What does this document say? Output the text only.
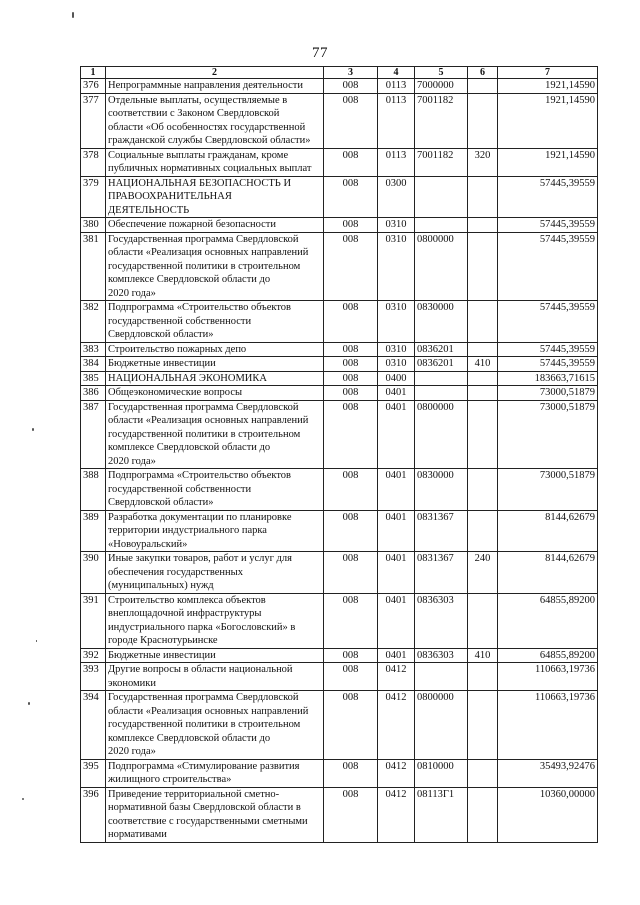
77
1	2	3	4	5	6	7
376	Непрограммные направления деятельности	008	0113	7000000		1921,14590
377	Отдельные выплаты, осуществляемые в
соответствии с Законом Свердловской
области «Об особенностях государственной
гражданской службы Свердловской области»	008	0113	7001182		1921,14590
378	Социальные выплаты гражданам, кроме
публичных нормативных социальных выплат	008	0113	7001182	320	1921,14590
379	НАЦИОНАЛЬНАЯ БЕЗОПАСНОСТЬ И
ПРАВООХРАНИТЕЛЬНАЯ
ДЕЯТЕЛЬНОСТЬ	008	0300			57445,39559
380	Обеспечение пожарной безопасности	008	0310			57445,39559
381	Государственная программа Свердловской
области «Реализация основных направлений
государственной политики в строительном
комплексе Свердловской области до
2020 года»	008	0310	0800000		57445,39559
382	Подпрограмма «Строительство объектов
государственной собственности
Свердловской области»	008	0310	0830000		57445,39559
383	Строительство пожарных депо	008	0310	0836201		57445,39559
384	Бюджетные инвестиции	008	0310	0836201	410	57445,39559
385	НАЦИОНАЛЬНАЯ ЭКОНОМИКА	008	0400			183663,71615
386	Общеэкономические вопросы	008	0401			73000,51879
387	Государственная программа Свердловской
области «Реализация основных направлений
государственной политики в строительном
комплексе Свердловской области до
2020 года»	008	0401	0800000		73000,51879
388	Подпрограмма «Строительство объектов
государственной собственности
Свердловской области»	008	0401	0830000		73000,51879
389	Разработка документации по планировке
территории индустриального парка
«Новоуральский»	008	0401	0831367		8144,62679
390	Иные закупки товаров, работ и услуг для
обеспечения государственных
(муниципальных) нужд	008	0401	0831367	240	8144,62679
391	Строительство комплекса объектов
внеплощадочной инфраструктуры
индустриального парка «Богословский» в
городе Краснотурьинске	008	0401	0836303		64855,89200
392	Бюджетные инвестиции	008	0401	0836303	410	64855,89200
393	Другие вопросы в области национальной
экономики	008	0412			110663,19736
394	Государственная программа Свердловской
области «Реализация основных направлений
государственной политики в строительном
комплексе Свердловской области до
2020 года»	008	0412	0800000		110663,19736
395	Подпрограмма «Стимулирование развития
жилищного строительства»	008	0412	0810000		35493,92476
396	Приведение территориальной сметно-
нормативной базы Свердловской области в
соответствие с государственными сметными
нормативами	008	0412	08113Г1		10360,00000
